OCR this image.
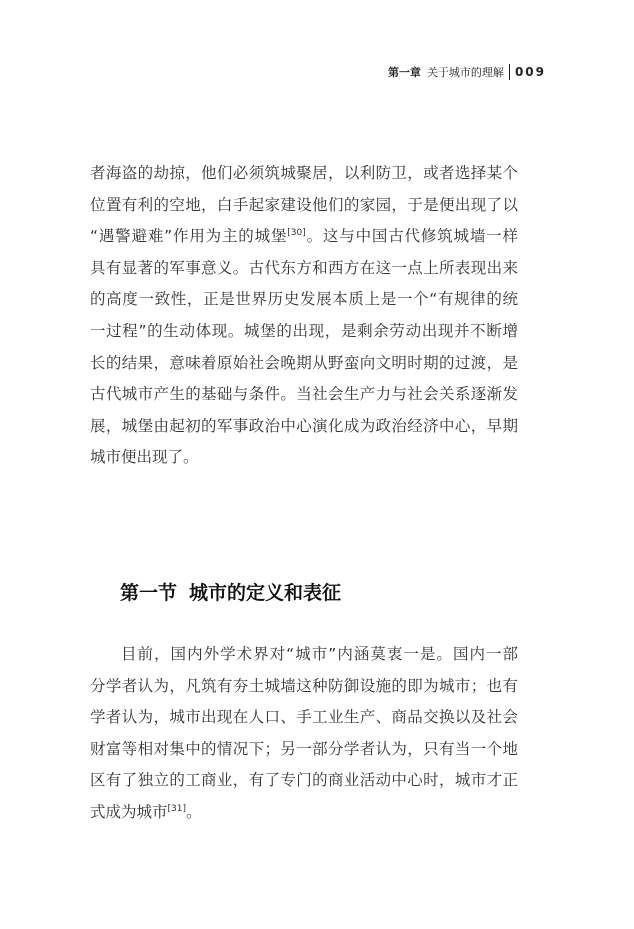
第一章 关于城市的理解 009
者海盗的劫掠，他们必须筑城聚居，以利防卫，或者选择某个
位置有利的空地，白手起家建设他们的家园，于是便出现了以
“遇警避难”作用为主的城堡[30]。这与中国古代修筑城墙一样
具有显著的军事意义。古代东方和西方在这一点上所表现出来
的高度一致性，正是世界历史发展本质上是一个“有规律的统
一过程”的生动体现。城堡的出现，是剩余劳动出现并不断增
长的结果，意味着原始社会晚期从野蛮向文明时期的过渡，是
古代城市产生的基础与条件。当社会生产力与社会关系逐渐发
展，城堡由起初的军事政治中心演化成为政治经济中心，早期
城市便出现了。
第一节 城市的定义和表征
目前，国内外学术界对“城市”内涵莫衷一是。国内一部
分学者认为，凡筑有夯土城墙这种防御设施的即为城市；也有
学者认为，城市出现在人口、手工业生产、商品交换以及社会
财富等相对集中的情况下；另一部分学者认为，只有当一个地
区有了独立的工商业，有了专门的商业活动中心时，城市才正
式成为城市[31]。
